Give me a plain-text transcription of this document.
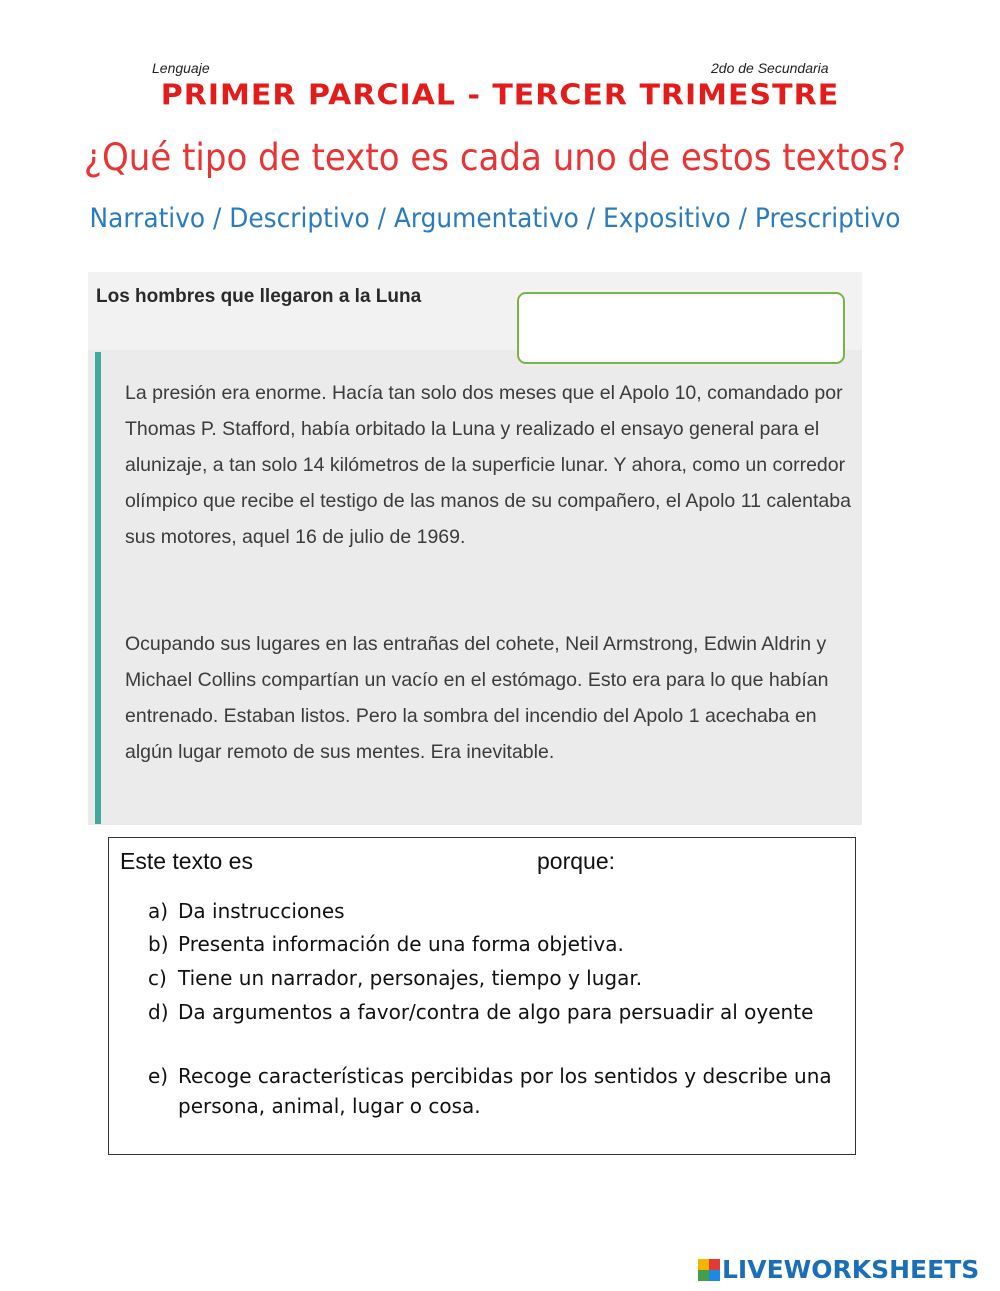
Lenguaje	2do de Secundaria
PRIMER PARCIAL - TERCER TRIMESTRE
¿Qué tipo de texto es cada uno de estos textos?
Narrativo / Descriptivo / Argumentativo / Expositivo / Prescriptivo
Los hombres que llegaron a la Luna

La presión era enorme. Hacía tan solo dos meses que el Apolo 10, comandado por Thomas P. Stafford, había orbitado la Luna y realizado el ensayo general para el alunizaje, a tan solo 14 kilómetros de la superficie lunar. Y ahora, como un corredor olímpico que recibe el testigo de las manos de su compañero, el Apolo 11 calentaba sus motores, aquel 16 de julio de 1969.

Ocupando sus lugares en las entrañas del cohete, Neil Armstrong, Edwin Aldrin y Michael Collins compartían un vacío en el estómago. Esto era para lo que habían entrenado. Estaban listos. Pero la sombra del incendio del Apolo 1 acechaba en algún lugar remoto de sus mentes. Era inevitable.

Este texto es	porque:
a) Da instrucciones
b) Presenta información de una forma objetiva.
c) Tiene un narrador, personajes, tiempo y lugar.
d) Da argumentos a favor/contra de algo para persuadir al oyente
e) Recoge características percibidas por los sentidos y describe una persona, animal, lugar o cosa.
LIVEWORKSHEETS
